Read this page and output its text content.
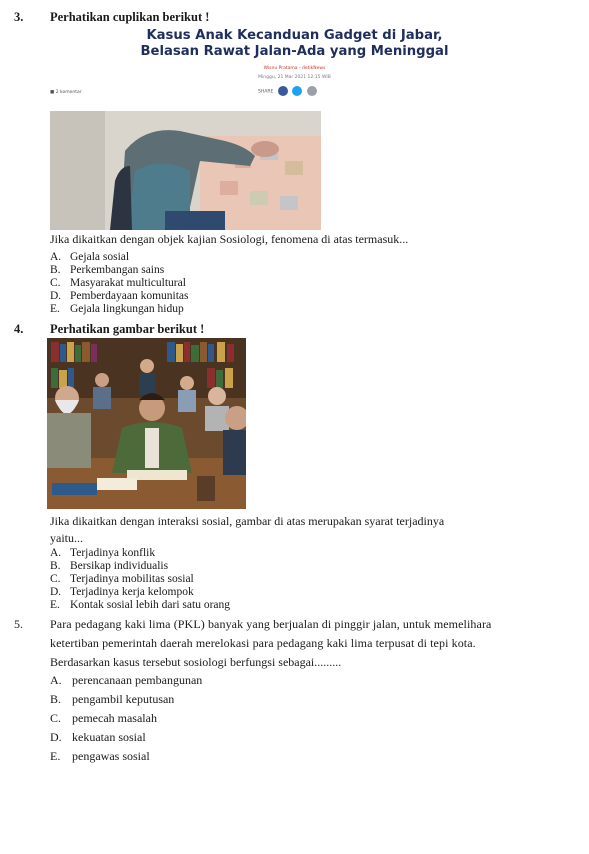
3. Perhatikan cuplikan berikut !
Kasus Anak Kecanduan Gadget di Jabar,
Belasan Rawat Jalan-Ada yang Meninggal
Wisnu Pratama - detikNews
Minggu, 21 Mar 2021 12:15 WIB
■ 2 komentar	SHARE
Jika dikaitkan dengan objek kajian Sosiologi, fenomena di atas termasuk...
A. Gejala sosial
B. Perkembangan sains
C. Masyarakat multicultural
D. Pemberdayaan komunitas
E. Gejala lingkungan hidup
4. Perhatikan gambar berikut !
Jika dikaitkan dengan interaksi sosial, gambar di atas merupakan syarat terjadinya
yaitu...
A. Terjadinya konflik
B. Bersikap individualis
C. Terjadinya mobilitas sosial
D. Terjadinya kerja kelompok
E. Kontak sosial lebih dari satu orang
5. Para pedagang kaki lima (PKL) banyak yang berjualan di pinggir jalan, untuk memelihara
ketertiban pemerintah daerah merelokasi para pedagang kaki lima terpusat di tepi kota.
Berdasarkan kasus tersebut sosiologi berfungsi sebagai.........
A. perencanaan pembangunan
B. pengambil keputusan
C. pemecah masalah
D. kekuatan sosial
E. pengawas sosial
